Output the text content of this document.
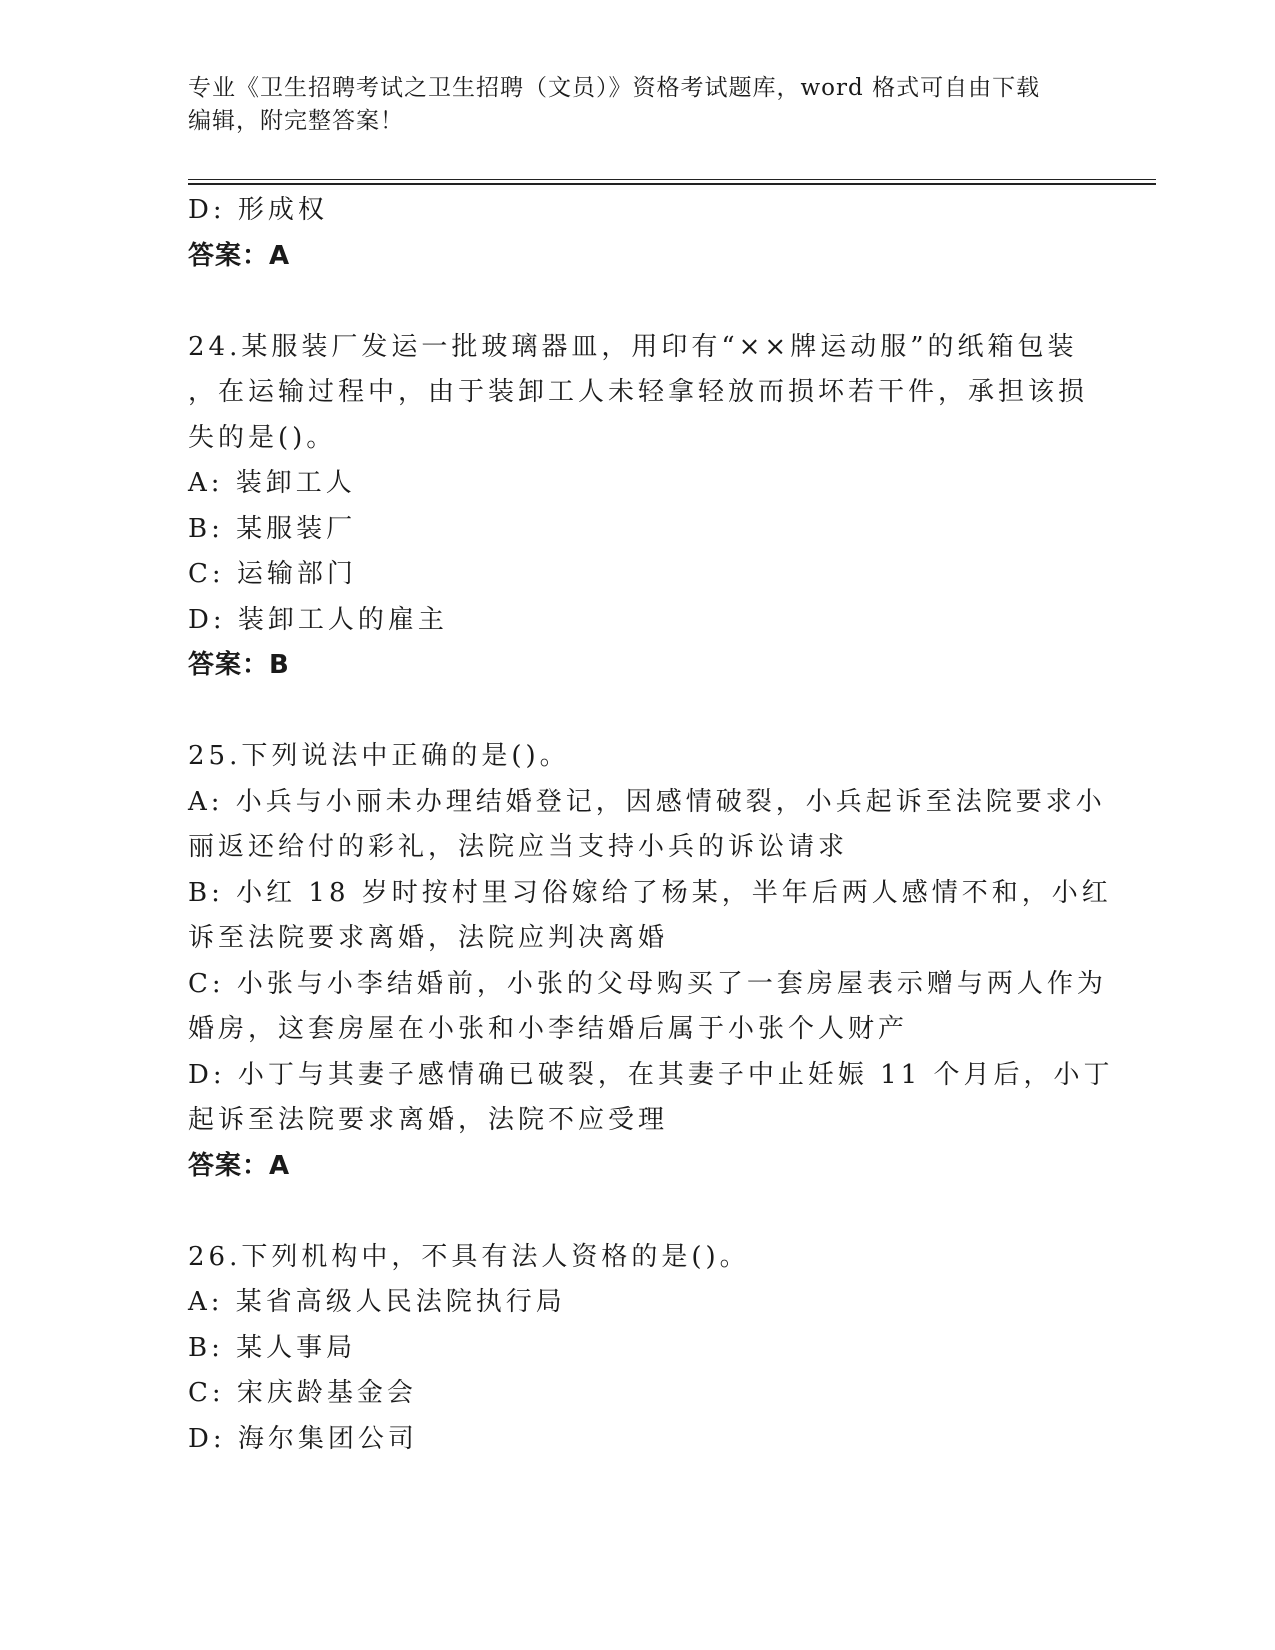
专业《卫生招聘考试之卫生招聘（文员）》资格考试题库，word 格式可自由下载
编辑，附完整答案！
D: 形成权
答案：A
24.某服装厂发运一批玻璃器皿，用印有“××牌运动服”的纸箱包装
，在运输过程中，由于装卸工人未轻拿轻放而损坏若干件，承担该损
失的是()。
A: 装卸工人
B: 某服装厂
C: 运输部门
D: 装卸工人的雇主
答案：B
25.下列说法中正确的是()。
A: 小兵与小丽未办理结婚登记，因感情破裂，小兵起诉至法院要求小
丽返还给付的彩礼，法院应当支持小兵的诉讼请求
B: 小红 18 岁时按村里习俗嫁给了杨某，半年后两人感情不和，小红
诉至法院要求离婚，法院应判决离婚
C: 小张与小李结婚前，小张的父母购买了一套房屋表示赠与两人作为
婚房，这套房屋在小张和小李结婚后属于小张个人财产
D: 小丁与其妻子感情确已破裂，在其妻子中止妊娠 11 个月后，小丁
起诉至法院要求离婚，法院不应受理
答案：A
26.下列机构中，不具有法人资格的是()。
A: 某省高级人民法院执行局
B: 某人事局
C: 宋庆龄基金会
D: 海尔集团公司
